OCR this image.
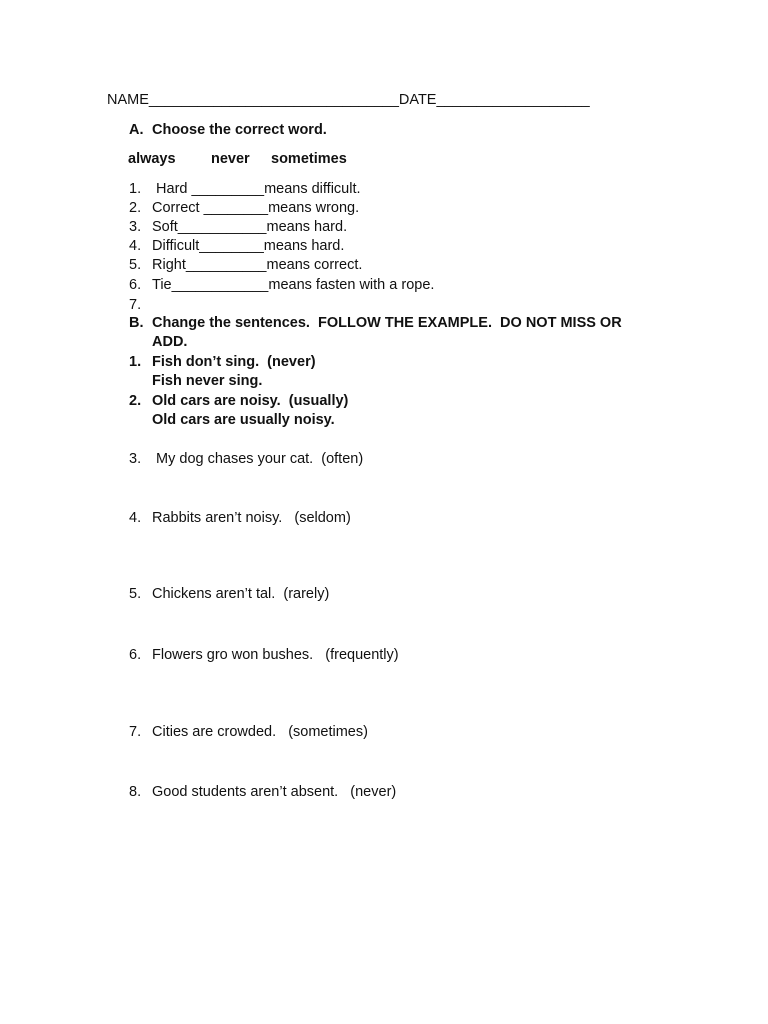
NAME_______________________________DATE___________________
A. Choose the correct word.
always never sometimes
1. Hard _________means difficult.
2. Correct ________means wrong.
3. Soft___________means hard.
4. Difficult________means hard.
5. Right__________means correct.
6. Tie____________means fasten with a rope.
7.
B. Change the sentences.  FOLLOW THE EXAMPLE.  DO NOT MISS OR
ADD.
1. Fish don’t sing.  (never)
Fish never sing.
2. Old cars are noisy.  (usually)
Old cars are usually noisy.
3. My dog chases your cat.  (often)
4. Rabbits aren’t noisy.   (seldom)
5. Chickens aren’t tal.  (rarely)
6. Flowers gro won bushes.   (frequently)
7. Cities are crowded.   (sometimes)
8. Good students aren’t absent.   (never)
